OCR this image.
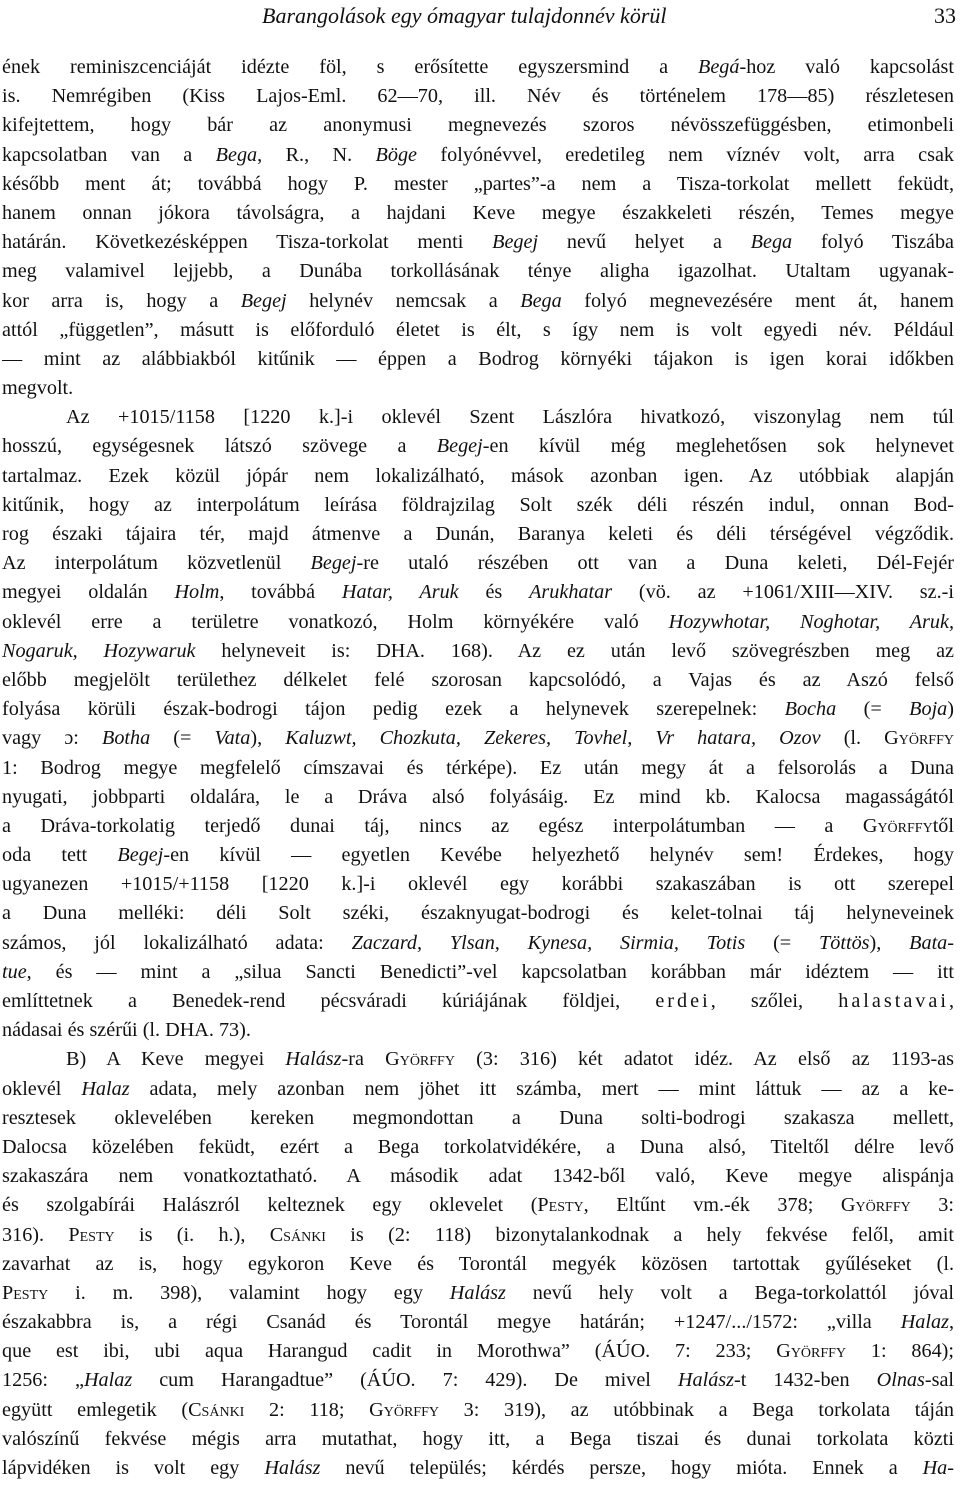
Barangolások egy ómagyar tulajdonnév körül	33
ének reminiszcenciáját idézte föl, s erősítette egyszersmind a Begá-hoz való kapcsolást
is. Nemrégiben (Kiss Lajos-Eml. 62—70, ill. Név és történelem 178—85) részletesen
kifejtettem, hogy bár az anonymusi megnevezés szoros névösszefüggésben, etimonbeli
kapcsolatban van a Bega, R., N. Böge folyónévvel, eredetileg nem víznév volt, arra csak
később ment át; továbbá hogy P. mester „partes”-a nem a Tisza-torkolat mellett feküdt,
hanem onnan jókora távolságra, a hajdani Keve megye északkeleti részén, Temes megye
határán. Következésképpen Tisza-torkolat menti Begej nevű helyet a Bega folyó Tiszába
meg valamivel lejjebb, a Dunába torkollásának ténye aligha igazolhat. Utaltam ugyanak-
kor arra is, hogy a Begej helynév nemcsak a Bega folyó megnevezésére ment át, hanem
attól „független”, másutt is előforduló életet is élt, s így nem is volt egyedi név. Például
— mint az alábbiakból kitűnik — éppen a Bodrog környéki tájakon is igen korai időkben
megvolt.
Az +1015/1158 [1220 k.]-i oklevél Szent Lászlóra hivatkozó, viszonylag nem túl
hosszú, egységesnek látszó szövege a Begej-en kívül még meglehetősen sok helynevet
tartalmaz. Ezek közül jópár nem lokalizálható, mások azonban igen. Az utóbbiak alapján
kitűnik, hogy az interpolátum leírása földrajzilag Solt szék déli részén indul, onnan Bod-
rog északi tájaira tér, majd átmenve a Dunán, Baranya keleti és déli térségével végződik.
Az interpolátum közvetlenül Begej-re utaló részében ott van a Duna keleti, Dél-Fejér
megyei oldalán Holm, továbbá Hatar, Aruk és Arukhatar (vö. az +1061/XIII—XIV. sz.-i
oklevél erre a területre vonatkozó, Holm környékére való Hozywhotar, Noghotar, Aruk,
Nogaruk, Hozywaruk helyneveit is: DHA. 168). Az ez után levő szövegrészben meg az
előbb megjelölt területhez délkelet felé szorosan kapcsolódó, a Vajas és az Aszó felső
folyása körüli észak-bodrogi tájon pedig ezek a helynevek szerepelnek: Bocha (= Boja)
vagy ɔ: Botha (= Vata), Kaluzwt, Chozkuta, Zekeres, Tovhel, Vr hatara, Ozov (l. Györffy
1: Bodrog megye megfelelő címszavai és térképe). Ez után megy át a felsorolás a Duna
nyugati, jobbparti oldalára, le a Dráva alsó folyásáig. Ez mind kb. Kalocsa magasságától
a Dráva-torkolatig terjedő dunai táj, nincs az egész interpolátumban — a Györffytől
oda tett Begej-en kívül — egyetlen Kevébe helyezhető helynév sem! Érdekes, hogy
ugyanezen +1015/+1158 [1220 k.]-i oklevél egy korábbi szakaszában is ott szerepel
a Duna melléki: déli Solt széki, északnyugat-bodrogi és kelet-tolnai táj helyneveinek
számos, jól lokalizálható adata: Zaczard, Ylsan, Kynesa, Sirmia, Totis (= Töttös), Bata-
tue, és — mint a „silua Sancti Benedicti”-vel kapcsolatban korábban már idéztem — itt
említtetnek a Benedek-rend pécsváradi kúriájának földjei, erdei, szőlei, halastavai,
nádasai és szérűi (l. DHA. 73).
B) A Keve megyei Halász-ra Györffy (3: 316) két adatot idéz. Az első az 1193-as
oklevél Halaz adata, mely azonban nem jöhet itt számba, mert — mint láttuk — az a ke-
resztesek oklevelében kereken megmondottan a Duna solti-bodrogi szakasza mellett,
Dalocsa közelében feküdt, ezért a Bega torkolatvidékére, a Duna alsó, Titeltől délre levő
szakaszára nem vonatkoztatható. A második adat 1342-ből való, Keve megye alispánja
és szolgabírái Halászról kelteznek egy oklevelet (Pesty, Eltűnt vm.-ék 378; Györffy 3:
316). Pesty is (i. h.), Csánki is (2: 118) bizonytalankodnak a hely fekvése felől, amit
zavarhat az is, hogy egykoron Keve és Torontál megyék közösen tartottak gyűléseket (l.
Pesty i. m. 398), valamint hogy egy Halász nevű hely volt a Bega-torkolattól jóval
északabbra is, a régi Csanád és Torontál megye határán; +1247/.../1572: „villa Halaz,
que est ibi, ubi aqua Harangud cadit in Morothwa” (ÁÚO. 7: 233; Györffy 1: 864);
1256: „Halaz cum Harangadtue” (ÁÚO. 7: 429). De mivel Halász-t 1432-ben Olnas-sal
együtt emlegetik (Csánki 2: 118; Györffy 3: 319), az utóbbinak a Bega torkolata táján
valószínű fekvése mégis arra mutathat, hogy itt, a Bega tiszai és dunai torkolata közti
lápvidéken is volt egy Halász nevű település; kérdés persze, hogy mióta. Ennek a Ha-
